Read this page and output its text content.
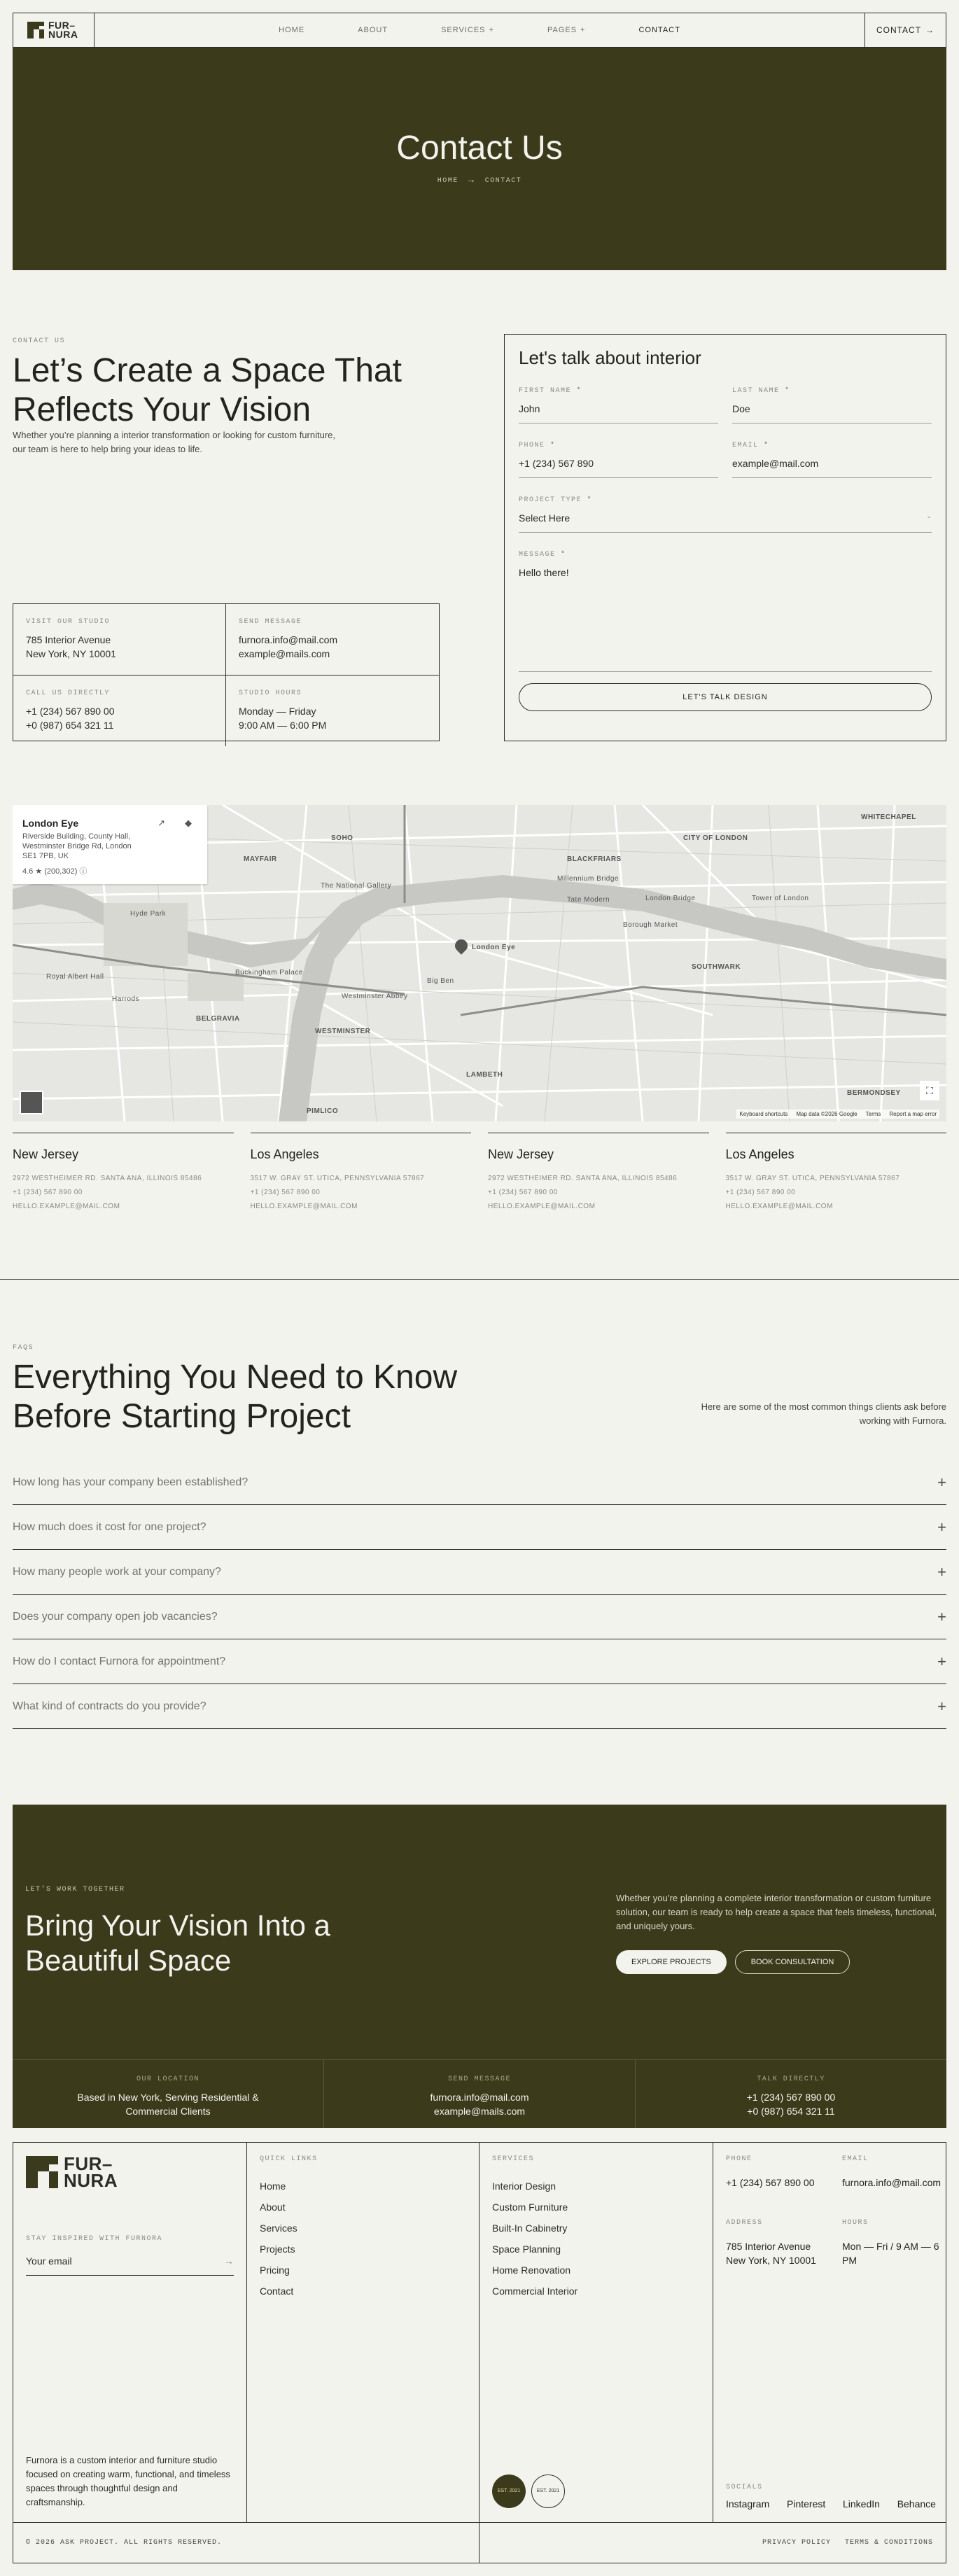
FUR–
NURA	HOME	ABOUT	SERVICES +	PAGES +	CONTACT	CONTACT →
Contact Us
HOME → CONTACT
CONTACT US
Let’s Create a Space That Reflects Your Vision
Whether you’re planning a interior transformation or looking for custom furniture, our team is here to help bring your ideas to life.
VISIT OUR STUDIO
785 Interior Avenue
New York, NY 10001
SEND MESSAGE
furnora.info@mail.com
example@mails.com
CALL US DIRECTLY
+1 (234) 567 890 00
+0 (987) 654 321 11
STUDIO HOURS
Monday — Friday
9:00 AM — 6:00 PM
Let's talk about interior
FIRST NAME *
John
LAST NAME *
Doe
PHONE *
+1 (234) 567 890
EMAIL *
example@mail.com
PROJECT TYPE *
Select Here	⌄
MESSAGE *
Hello there!
LET'S TALK DESIGN
London Eye
Riverside Building, County Hall, Westminster Bridge Rd, London SE1 7PB, UK
4.6 ★ (200,302) ⓘ
↗ ◆
London Eye
SOHO
MAYFAIR
CITY OF LONDON
WESTMINSTER
BELGRAVIA
LAMBETH
SOUTHWARK
BLACKFRIARS
WHITECHAPEL
BERMONDSEY
PIMLICO
The National Gallery
Buckingham Palace
Hyde Park
Tower of London
Big Ben
London Bridge
Tate Modern
Borough Market
Millennium Bridge
Westminster Abbey
Royal Albert Hall
Harrods
⛶
Keyboard shortcuts Map data ©2026 Google Terms Report a map error
New Jersey
2972 WESTHEIMER RD. SANTA ANA, ILLINOIS 85486
+1 (234) 567 890 00
HELLO.EXAMPLE@MAIL.COM
Los Angeles
3517 W. GRAY ST. UTICA, PENNSYLVANIA 57867
+1 (234) 567 890 00
HELLO.EXAMPLE@MAIL.COM
New Jersey
2972 WESTHEIMER RD. SANTA ANA, ILLINOIS 85486
+1 (234) 567 890 00
HELLO.EXAMPLE@MAIL.COM
Los Angeles
3517 W. GRAY ST. UTICA, PENNSYLVANIA 57867
+1 (234) 567 890 00
HELLO.EXAMPLE@MAIL.COM
FAQS
Everything You Need to Know Before Starting Project	Here are some of the most common things clients ask before working with Furnora.
How long has your company been established?	+
How much does it cost for one project?	+
How many people work at your company?	+
Does your company open job vacancies?	+
How do I contact Furnora for appointment?	+
What kind of contracts do you provide?	+
LET'S WORK TOGETHER
Bring Your Vision Into a Beautiful Space
Whether you’re planning a complete interior transformation or custom furniture solution, our team is ready to help create a space that feels timeless, functional, and uniquely yours.
EXPLORE PROJECTS	BOOK CONSULTATION
OUR LOCATION
Based in New York, Serving Residential &
Commercial Clients
SEND MESSAGE
furnora.info@mail.com
example@mails.com
TALK DIRECTLY
+1 (234) 567 890 00
+0 (987) 654 321 11
FUR–
NURA
STAY INSPIRED WITH FURNORA
Your email	→
Furnora is a custom interior and furniture studio focused on creating warm, functional, and timeless spaces through thoughtful design and craftsmanship.
QUICK LINKS
Home
About
Services
Projects
Pricing
Contact
SERVICES
Interior Design
Custom Furniture
Built-In Cabinetry
Space Planning
Home Renovation
Commercial Interior
EST. 2021	EST. 2021
PHONE
+1 (234) 567 890 00
ADDRESS
785 Interior Avenue New York, NY 10001
EMAIL
furnora.info@mail.com
HOURS
Mon — Fri / 9 AM — 6 PM
SOCIALS
Instagram Pinterest LinkedIn Behance
© 2026 ASK PROJECT. ALL RIGHTS RESERVED.	PRIVACY POLICY TERMS & CONDITIONS
